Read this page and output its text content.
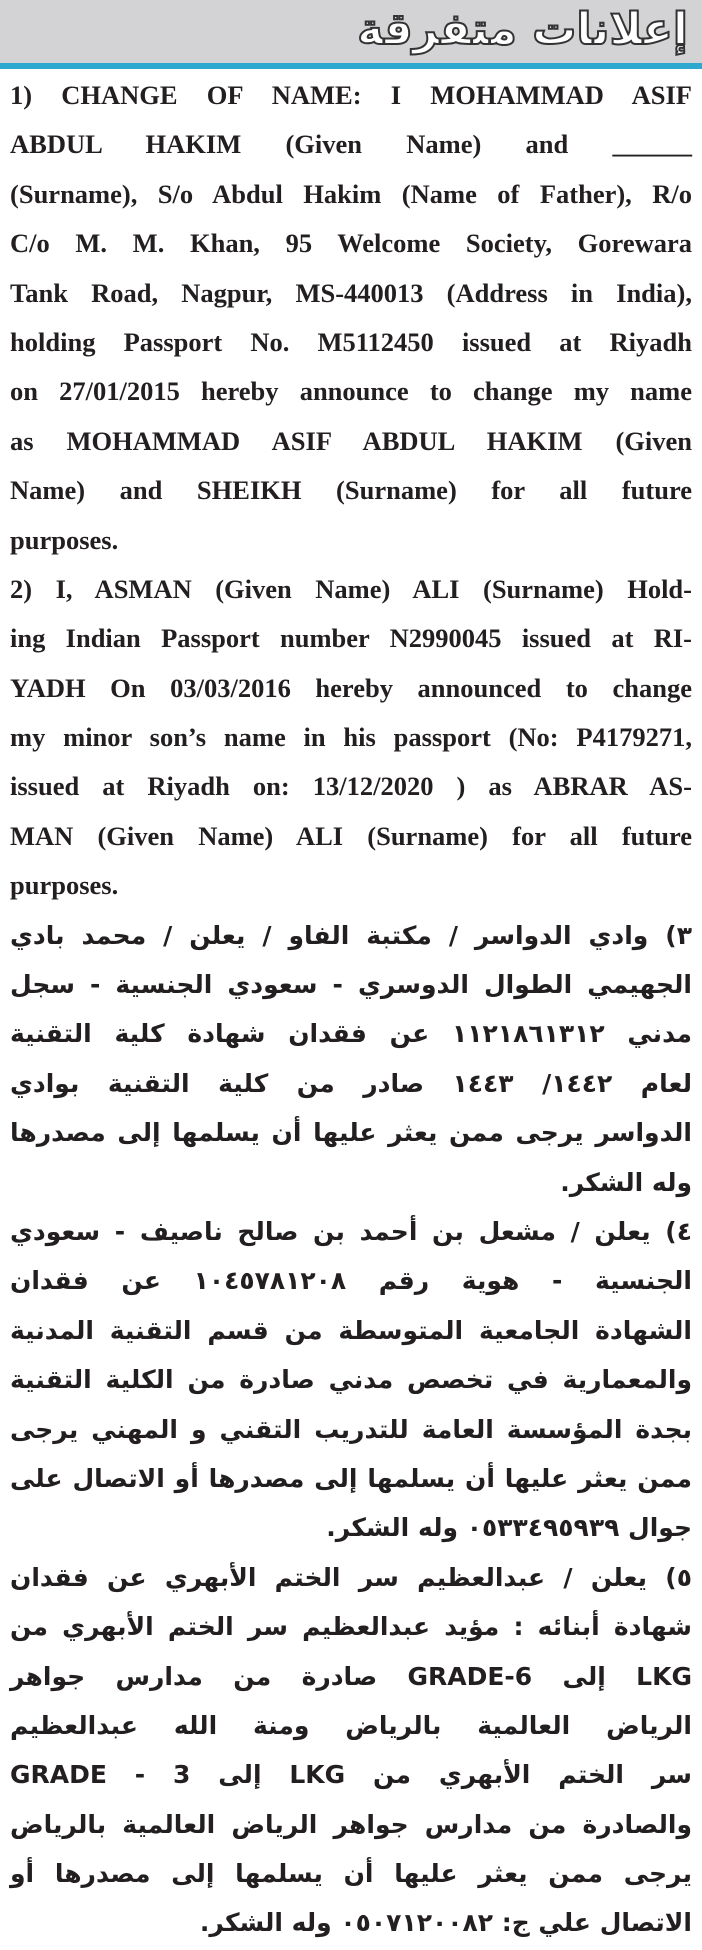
إعلانات متفرقة
1) CHANGE OF NAME: I MOHAMMAD ASIF
ABDUL HAKIM (Given Name) and ______
(Surname), S/o Abdul Hakim (Name of Father), R/o
C/o M. M. Khan, 95 Welcome Society, Gorewara
Tank Road, Nagpur, MS-440013 (Address in India),
holding Passport No. M5112450 issued at Riyadh
on 27/01/2015 hereby announce to change my name
as MOHAMMAD ASIF ABDUL HAKIM (Given
Name) and SHEIKH (Surname) for all future
purposes.
2) I, ASMAN (Given Name) ALI (Surname) Hold-
ing Indian Passport number N2990045 issued at RI-
YADH On 03/03/2016 hereby announced to change
my minor son’s name in his passport (No: P4179271,
issued at Riyadh on: 13/12/2020 ) as ABRAR AS-
MAN (Given Name) ALI (Surname) for all future
purposes.
٣) وادي الدواسر / مكتبة الفاو / يعلن / محمد بادي
الجهيمي الطوال الدوسري - سعودي الجنسية - سجل
مدني ١١٢١٨٦١٣١٢ عن فقدان شهادة كلية التقنية
لعام ١٤٤٢/ ١٤٤٣ صادر من كلية التقنية بوادي
الدواسر يرجى ممن يعثر عليها أن يسلمها إلى مصدرها
وله الشكر.
٤) يعلن / مشعل بن أحمد بن صالح ناصيف - سعودي
الجنسية - هوية رقم ١٠٤٥٧٨١٢٠٨ عن فقدان
الشهادة الجامعية المتوسطة من قسم التقنية المدنية
والمعمارية في تخصص مدني صادرة من الكلية التقنية
بجدة المؤسسة العامة للتدريب التقني و المهني يرجى
ممن يعثر عليها أن يسلمها إلى مصدرها أو الاتصال على
جوال ٠٥٣٣٤٩٥٩٣٩ وله الشكر.
٥) يعلن / عبدالعظيم سر الختم الأبهري عن فقدان
شهادة أبنائه : مؤيد عبدالعظيم سر الختم الأبهري من
LKG إلى GRADE-6 صادرة من مدارس جواهر
الرياض العالمية بالرياض ومنة الله عبدالعظيم
سر الختم الأبهري من LKG إلى 3 - GRADE
والصادرة من مدارس جواهر الرياض العالمية بالرياض
يرجى ممن يعثر عليها أن يسلمها إلى مصدرها أو
الاتصال علي ج: ٠٥٠٧١٢٠٠٨٢ وله الشكر.
